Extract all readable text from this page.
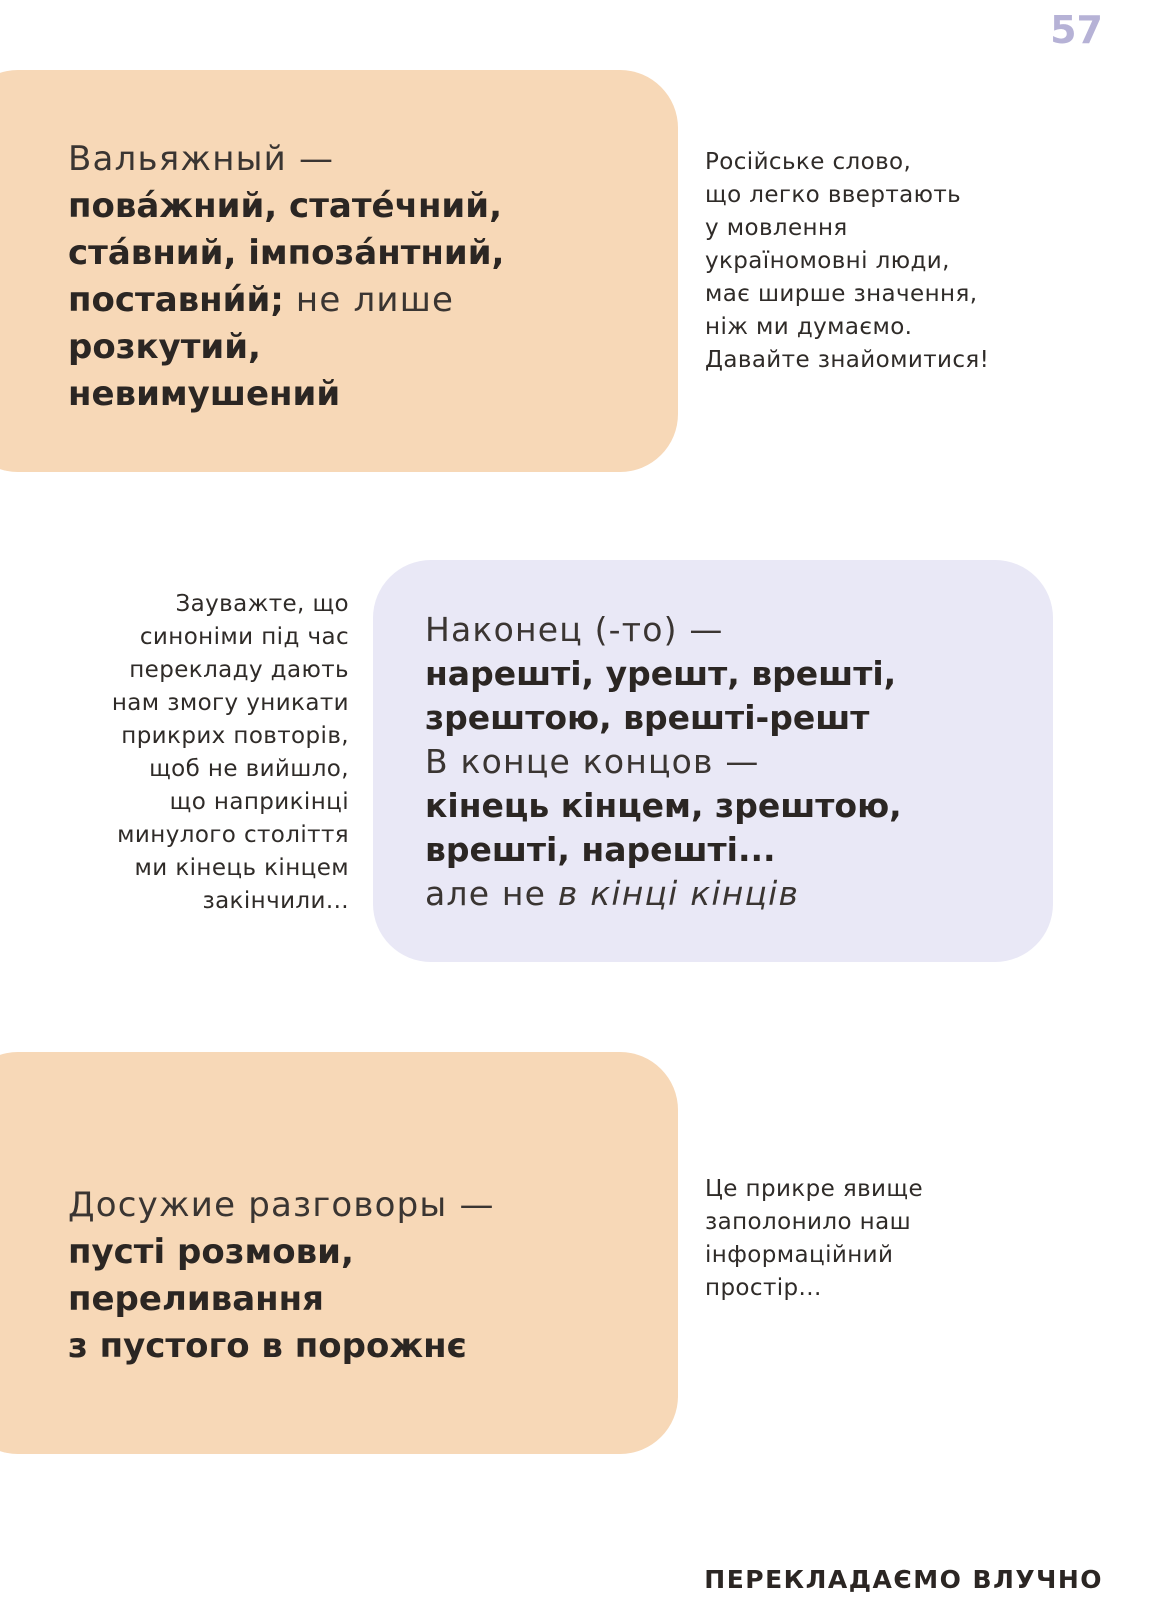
57
Вальяжный —
пова́жний, стате́чний,
ста́вний, імпоза́нтний,
поставни́й; не лише
розкутий,
невимушений
Російське слово,
що легко ввертають
у мовлення
україномовні люди,
має ширше значення,
ніж ми думаємо.
Давайте знайомитися!
Зауважте, що
синоніми під час
перекладу дають
нам змогу уникати
прикрих повторів,
щоб не вийшло,
що наприкінці
минулого століття
ми кінець кінцем
закінчили...
Наконец (-то) —
нарешті, урешт, врешті,
зрештою, врешті-решт
В конце концов —
кінець кінцем, зрештою,
врешті, нарешті...
але не в кінці кінців
Досужие разговоры —
пусті розмови,
переливання
з пустого в порожнє
Це прикре явище
заполонило наш
інформаційний
простір...
ПЕРЕКЛАДАЄМО ВЛУЧНО
